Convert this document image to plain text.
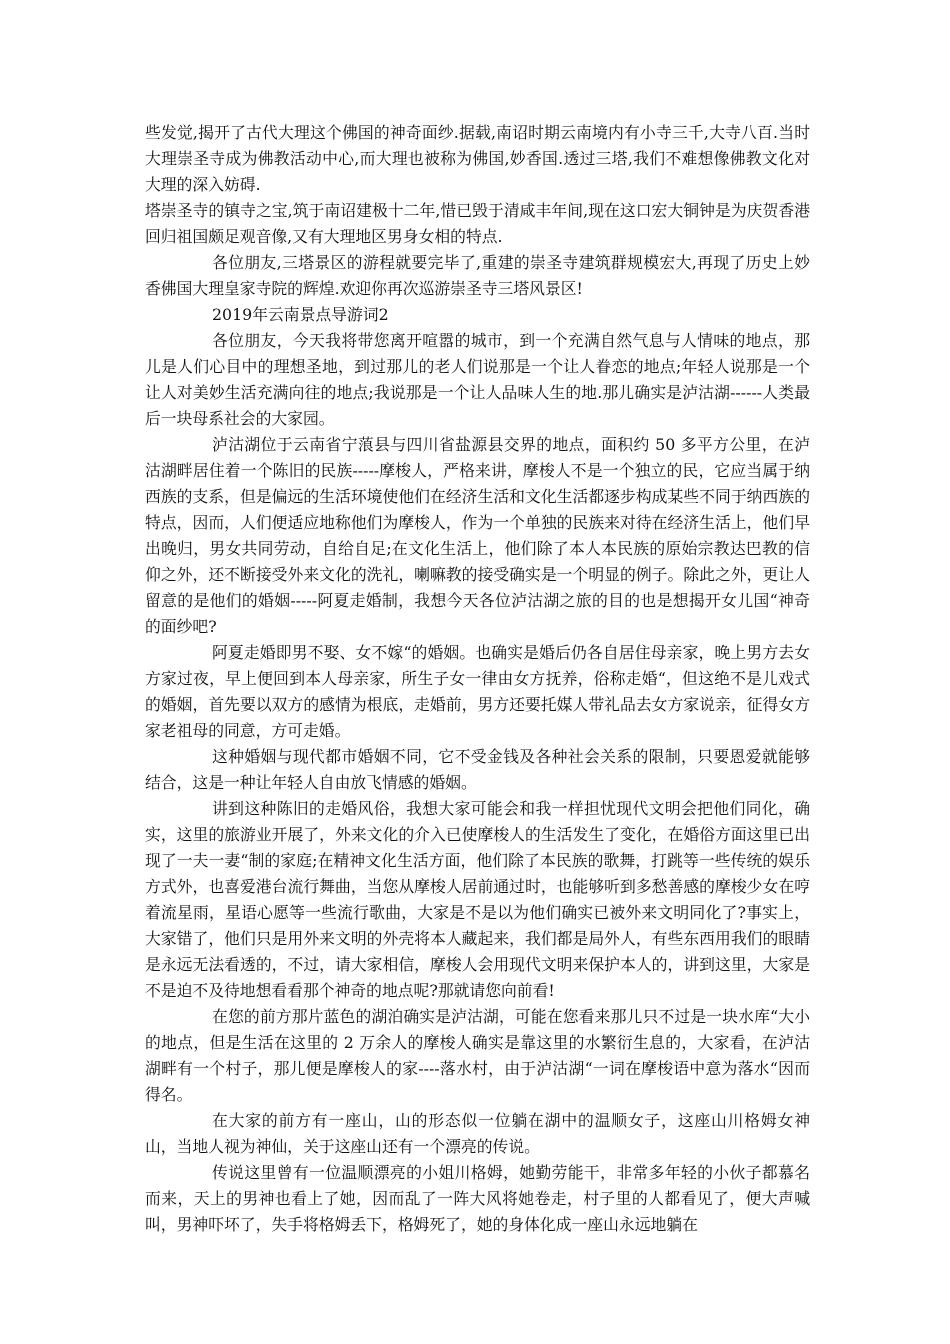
些发觉,揭开了古代大理这个佛国的神奇面纱.据载,南诏时期云南境内有小寺三千,大寺八百.当时大理崇圣寺成为佛教活动中心,而大理也被称为佛国,妙香国.透过三塔,我们不难想像佛教文化对大理的深入妨碍.

塔崇圣寺的镇寺之宝,筑于南诏建极十二年,惜已毁于清咸丰年间,现在这口宏大铜钟是为庆贺香港回归祖国颇足观音像,又有大理地区男身女相的特点.

各位朋友,三塔景区的游程就要完毕了,重建的崇圣寺建筑群规模宏大,再现了历史上妙香佛国大理皇家寺院的辉煌.欢迎你再次巡游崇圣寺三塔风景区!

2019年云南景点导游词2

各位朋友，今天我将带您离开喧嚣的城市，到一个充满自然气息与人情味的地点，那儿是人们心目中的理想圣地，到过那儿的老人们说那是一个让人眷恋的地点;年轻人说那是一个让人对美妙生活充满向往的地点;我说那是一个让人品味人生的地.那儿确实是泸沽湖------人类最后一块母系社会的大家园。

泸沽湖位于云南省宁蒗县与四川省盐源县交界的地点，面积约 50 多平方公里，在泸沽湖畔居住着一个陈旧的民族-----摩梭人，严格来讲，摩梭人不是一个独立的民，它应当属于纳西族的支系，但是偏远的生活环境使他们在经济生活和文化生活都逐步构成某些不同于纳西族的特点，因而，人们便适应地称他们为摩梭人，作为一个单独的民族来对待在经济生活上，他们早出晚归，男女共同劳动，自给自足;在文化生活上，他们除了本人本民族的原始宗教达巴教的信仰之外，还不断接受外来文化的洗礼，喇嘛教的接受确实是一个明显的例子。除此之外，更让人留意的是他们的婚姻-----阿夏走婚制，我想今天各位泸沽湖之旅的目的也是想揭开女儿国“神奇的面纱吧?

阿夏走婚即男不娶、女不嫁“的婚姻。也确实是婚后仍各自居住母亲家，晚上男方去女方家过夜，早上便回到本人母亲家，所生子女一律由女方抚养，俗称走婚“，但这绝不是儿戏式的婚姻，首先要以双方的感情为根底，走婚前，男方还要托媒人带礼品去女方家说亲，征得女方家老祖母的同意，方可走婚。

这种婚姻与现代都市婚姻不同，它不受金钱及各种社会关系的限制，只要恩爱就能够结合，这是一种让年轻人自由放飞情感的婚姻。

讲到这种陈旧的走婚风俗，我想大家可能会和我一样担忧现代文明会把他们同化，确实，这里的旅游业开展了，外来文化的介入已使摩梭人的生活发生了变化，在婚俗方面这里已出现了一夫一妻“制的家庭;在精神文化生活方面，他们除了本民族的歌舞，打跳等一些传统的娱乐方式外，也喜爱港台流行舞曲，当您从摩梭人居前通过时，也能够听到多愁善感的摩梭少女在哼着流星雨，星语心愿等一些流行歌曲，大家是不是以为他们确实已被外来文明同化了?事实上，大家错了，他们只是用外来文明的外壳将本人藏起来，我们都是局外人，有些东西用我们的眼睛是永远无法看透的，不过，请大家相信，摩梭人会用现代文明来保护本人的，讲到这里，大家是不是迫不及待地想看看那个神奇的地点呢?那就请您向前看!

在您的前方那片蓝色的湖泊确实是泸沽湖，可能在您看来那儿只不过是一块水库“大小的地点，但是生活在这里的 2 万余人的摩梭人确实是靠这里的水繁衍生息的，大家看，在泸沽湖畔有一个村子，那儿便是摩梭人的家----落水村，由于泸沽湖“一词在摩梭语中意为落水“因而得名。

在大家的前方有一座山，山的形态似一位躺在湖中的温顺女子，这座山川格姆女神山，当地人视为神仙，关于这座山还有一个漂亮的传说。

传说这里曾有一位温顺漂亮的小姐川格姆，她勤劳能干，非常多年轻的小伙子都慕名而来，天上的男神也看上了她，因而乱了一阵大风将她卷走，村子里的人都看见了，便大声喊叫，男神吓坏了，失手将格姆丢下，格姆死了，她的身体化成一座山永远地躺在
